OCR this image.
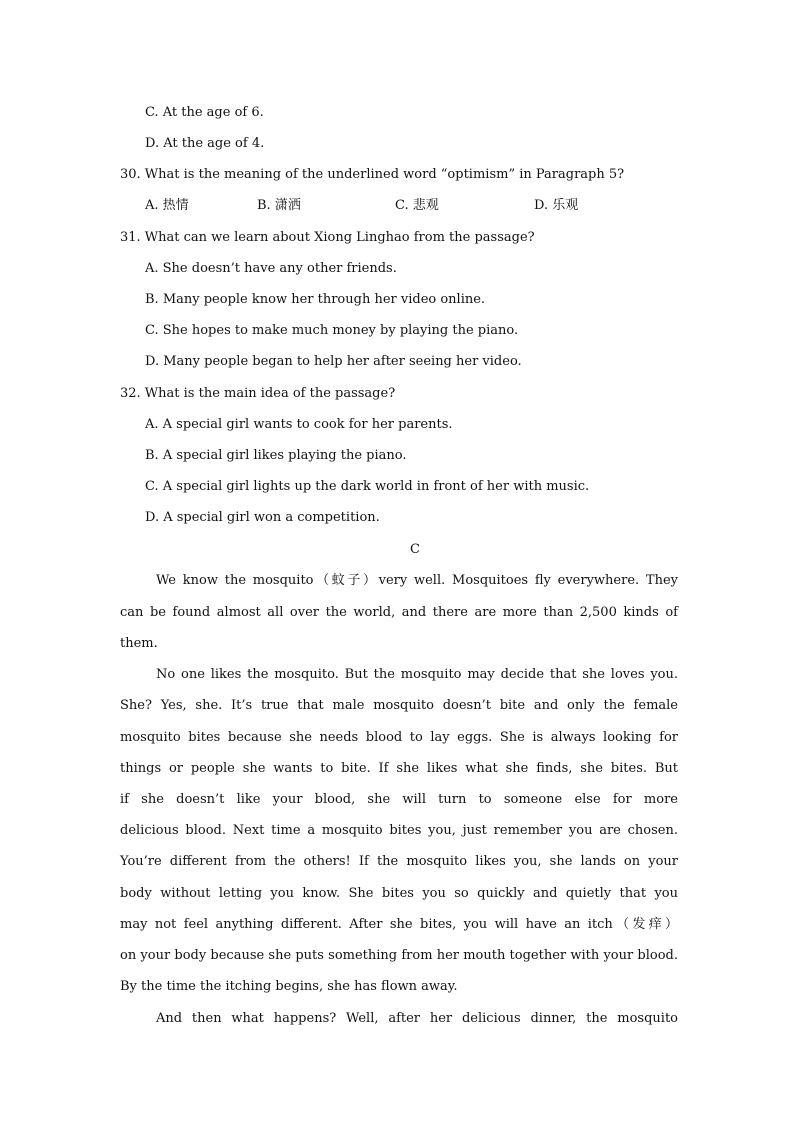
C. At the age of 6.
D. At the age of 4.
30. What is the meaning of the underlined word “optimism” in Paragraph 5?
A. 热情	B. 潇洒	C. 悲观	D. 乐观
31. What can we learn about Xiong Linghao from the passage?
A. She doesn’t have any other friends.
B. Many people know her through her video online.
C. She hopes to make much money by playing the piano.
D. Many people began to help her after seeing her video.
32. What is the main idea of the passage?
A. A special girl wants to cook for her parents.
B. A special girl likes playing the piano.
C. A special girl lights up the dark world in front of her with music.
D. A special girl won a competition.
C
We know the mosquito（蚊子）very well. Mosquitoes fly everywhere. They
can be found almost all over the world, and there are more than 2,500 kinds of
them.
No one likes the mosquito. But the mosquito may decide that she loves you.
She? Yes, she. It’s true that male mosquito doesn’t bite and only the female
mosquito bites because she needs blood to lay eggs. She is always looking for
things or people she wants to bite. If she likes what she finds, she bites. But
if she doesn’t like your blood, she will turn to someone else for more
delicious blood. Next time a mosquito bites you, just remember you are chosen.
You’re different from the others! If the mosquito likes you, she lands on your
body without letting you know. She bites you so quickly and quietly that you
may not feel anything different. After she bites, you will have an itch（发痒）
on your body because she puts something from her mouth together with your blood.
By the time the itching begins, she has flown away.
And then what happens? Well, after her delicious dinner, the mosquito
